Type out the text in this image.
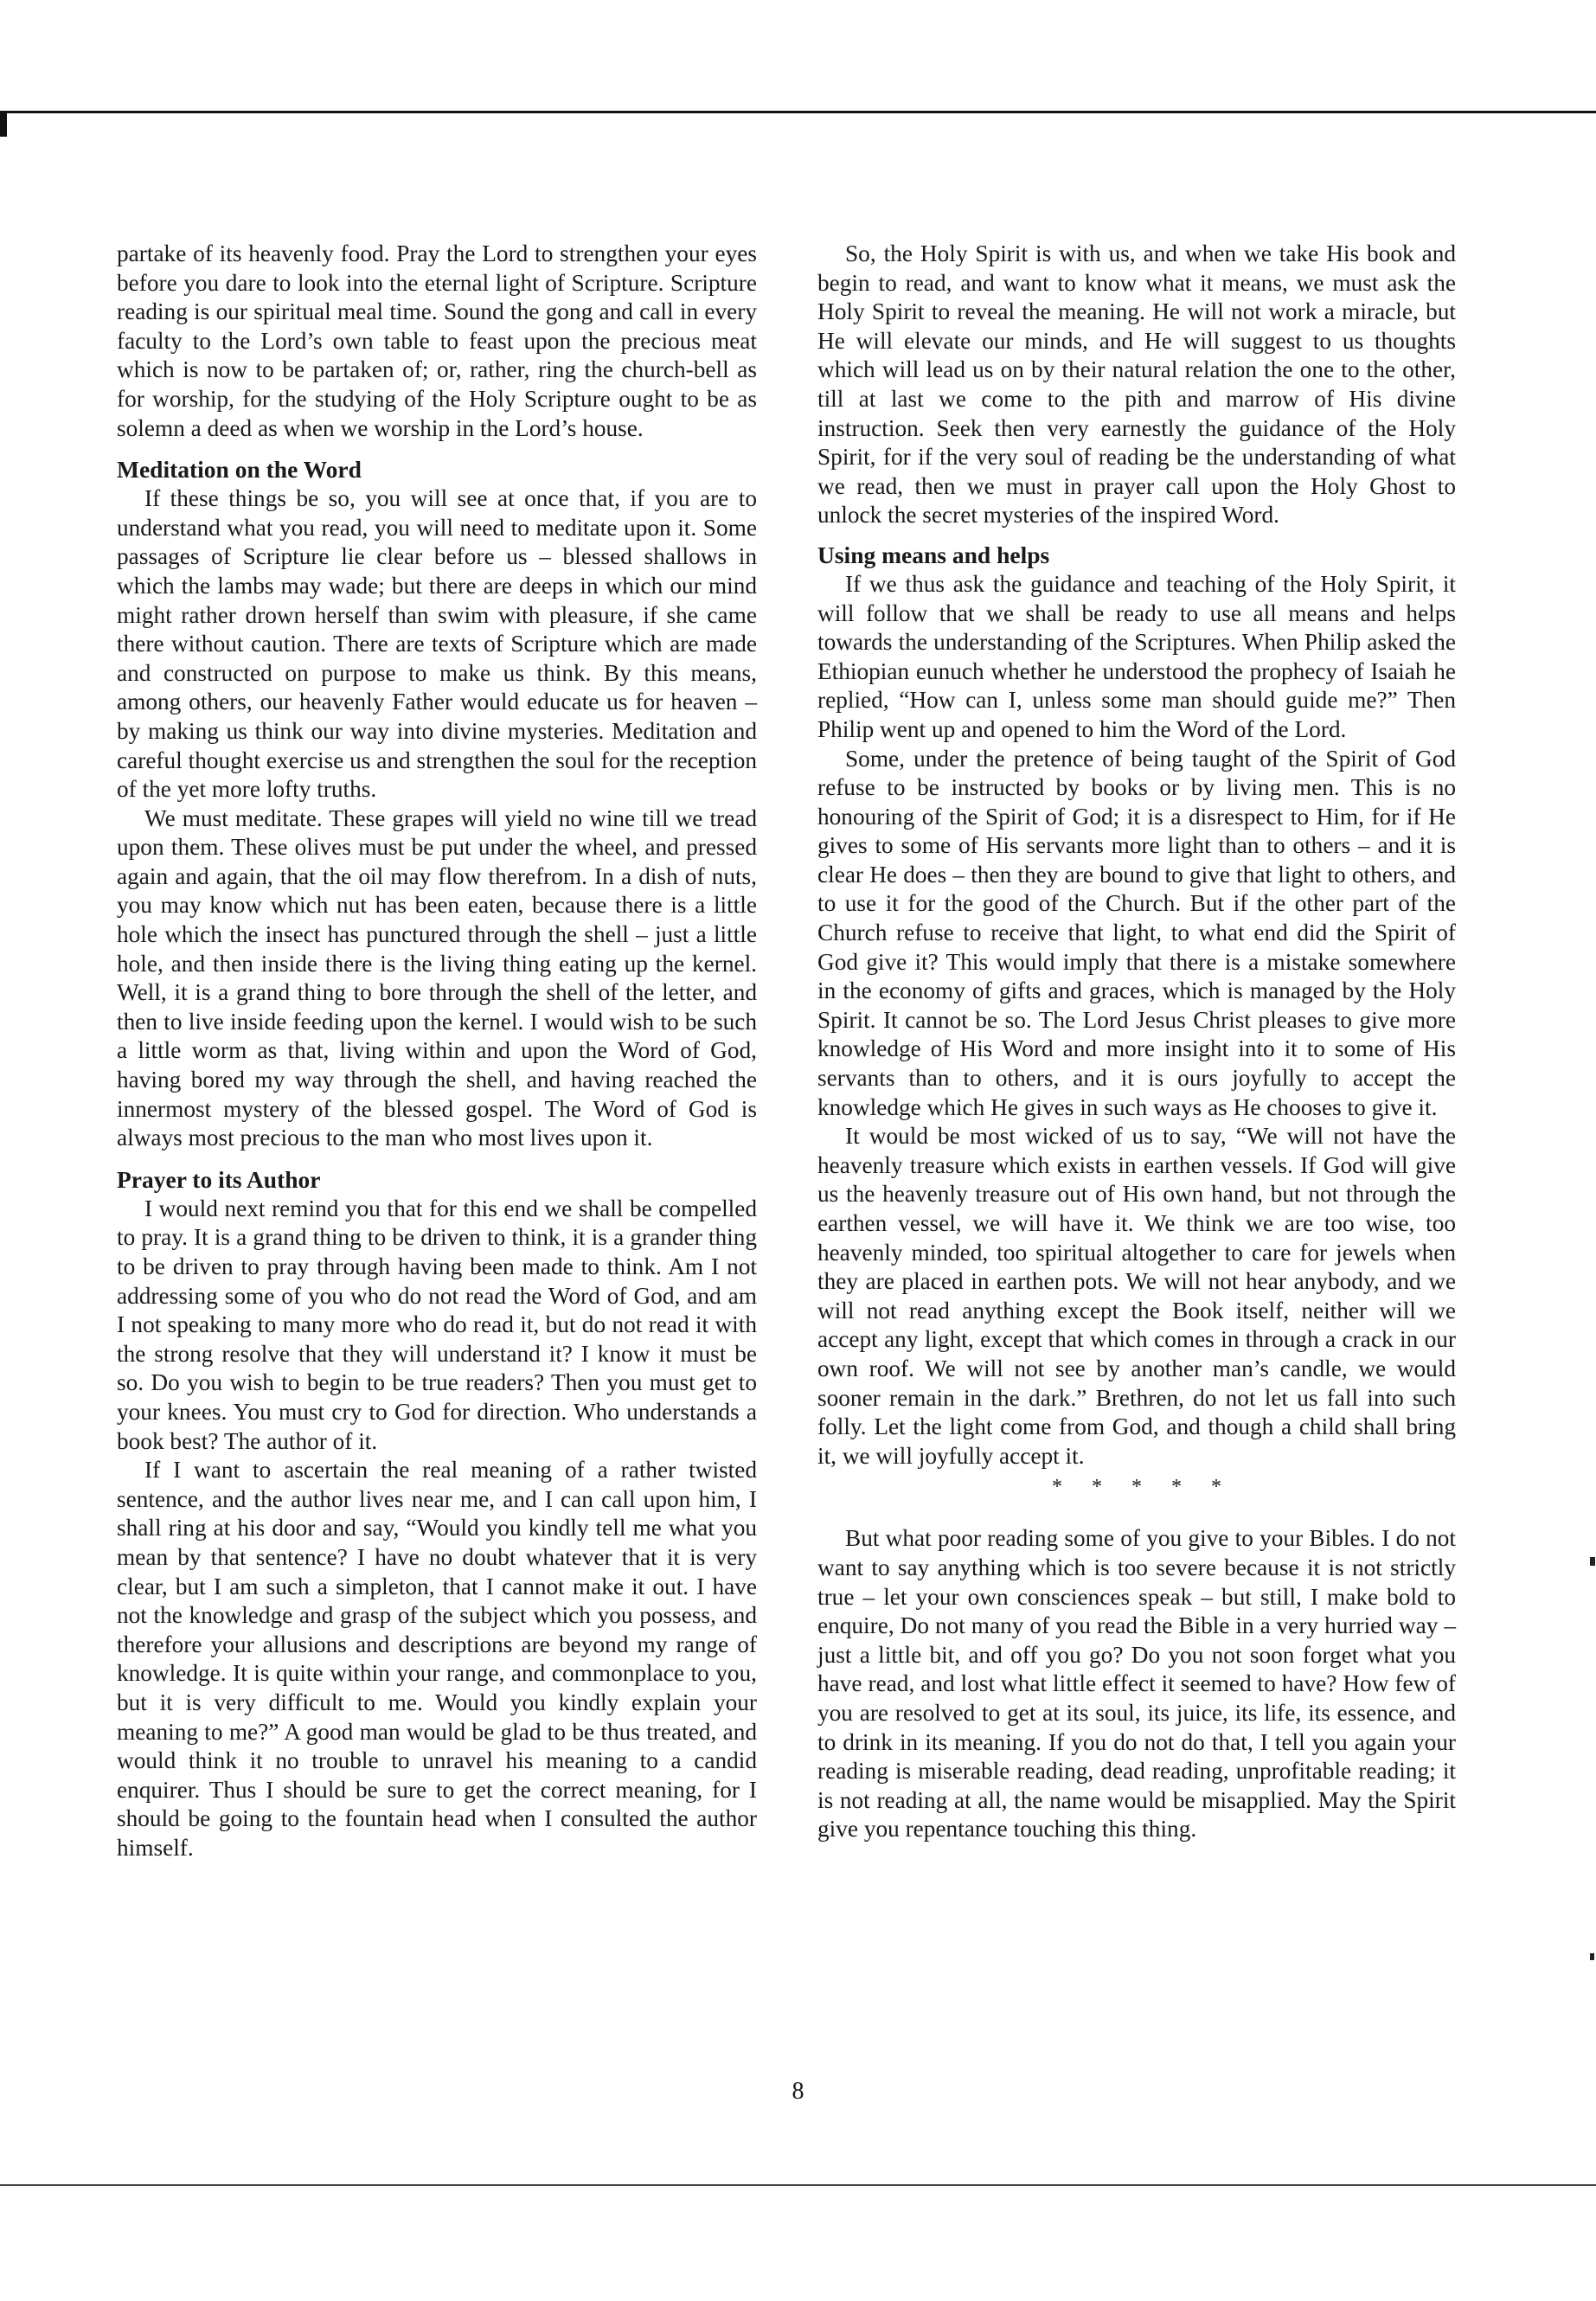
partake of its heavenly food. Pray the Lord to strengthen your eyes before you dare to look into the eternal light of Scripture. Scripture reading is our spiritual meal time. Sound the gong and call in every faculty to the Lord’s own table to feast upon the precious meat which is now to be partaken of; or, rather, ring the church-bell as for worship, for the studying of the Holy Scripture ought to be as solemn a deed as when we worship in the Lord’s house.

Meditation on the Word

If these things be so, you will see at once that, if you are to understand what you read, you will need to meditate upon it. Some passages of Scripture lie clear before us – blessed shallows in which the lambs may wade; but there are deeps in which our mind might rather drown herself than swim with pleasure, if she came there without caution. There are texts of Scripture which are made and constructed on purpose to make us think. By this means, among others, our heavenly Father would educate us for heaven – by making us think our way into divine mysteries. Meditation and careful thought exercise us and strengthen the soul for the reception of the yet more lofty truths.

We must meditate. These grapes will yield no wine till we tread upon them. These olives must be put under the wheel, and pressed again and again, that the oil may flow therefrom. In a dish of nuts, you may know which nut has been eaten, because there is a little hole which the insect has punctured through the shell – just a little hole, and then inside there is the living thing eating up the kernel. Well, it is a grand thing to bore through the shell of the letter, and then to live inside feeding upon the kernel. I would wish to be such a little worm as that, living within and upon the Word of God, having bored my way through the shell, and having reached the innermost mystery of the blessed gospel. The Word of God is always most precious to the man who most lives upon it.

Prayer to its Author

I would next remind you that for this end we shall be compelled to pray. It is a grand thing to be driven to think, it is a grander thing to be driven to pray through having been made to think. Am I not addressing some of you who do not read the Word of God, and am I not speaking to many more who do read it, but do not read it with the strong resolve that they will understand it? I know it must be so. Do you wish to begin to be true readers? Then you must get to your knees. You must cry to God for direction. Who understands a book best? The author of it.

If I want to ascertain the real meaning of a rather twisted sentence, and the author lives near me, and I can call upon him, I shall ring at his door and say, “Would you kindly tell me what you mean by that sentence? I have no doubt whatever that it is very clear, but I am such a simpleton, that I cannot make it out. I have not the knowledge and grasp of the subject which you possess, and therefore your allusions and descriptions are beyond my range of knowledge. It is quite within your range, and commonplace to you, but it is very difficult to me. Would you kindly explain your meaning to me?” A good man would be glad to be thus treated, and would think it no trouble to unravel his meaning to a candid enquirer. Thus I should be sure to get the correct meaning, for I should be going to the fountain head when I consulted the author himself.

So, the Holy Spirit is with us, and when we take His book and begin to read, and want to know what it means, we must ask the Holy Spirit to reveal the meaning. He will not work a miracle, but He will elevate our minds, and He will suggest to us thoughts which will lead us on by their natural relation the one to the other, till at last we come to the pith and marrow of His divine instruction. Seek then very earnestly the guidance of the Holy Spirit, for if the very soul of reading be the understanding of what we read, then we must in prayer call upon the Holy Ghost to unlock the secret mysteries of the inspired Word.

Using means and helps

If we thus ask the guidance and teaching of the Holy Spirit, it will follow that we shall be ready to use all means and helps towards the understanding of the Scriptures. When Philip asked the Ethiopian eunuch whether he understood the prophecy of Isaiah he replied, “How can I, unless some man should guide me?” Then Philip went up and opened to him the Word of the Lord.

Some, under the pretence of being taught of the Spirit of God refuse to be instructed by books or by living men. This is no honouring of the Spirit of God; it is a disrespect to Him, for if He gives to some of His servants more light than to others – and it is clear He does – then they are bound to give that light to others, and to use it for the good of the Church. But if the other part of the Church refuse to receive that light, to what end did the Spirit of God give it? This would imply that there is a mistake somewhere in the economy of gifts and graces, which is managed by the Holy Spirit. It cannot be so. The Lord Jesus Christ pleases to give more knowledge of His Word and more insight into it to some of His servants than to others, and it is ours joyfully to accept the knowledge which He gives in such ways as He chooses to give it.

It would be most wicked of us to say, “We will not have the heavenly treasure which exists in earthen vessels. If God will give us the heavenly treasure out of His own hand, but not through the earthen vessel, we will have it. We think we are too wise, too heavenly minded, too spiritual altogether to care for jewels when they are placed in earthen pots. We will not hear anybody, and we will not read anything except the Book itself, neither will we accept any light, except that which comes in through a crack in our own roof. We will not see by another man’s candle, we would sooner remain in the dark.” Brethren, do not let us fall into such folly. Let the light come from God, and though a child shall bring it, we will joyfully accept it.

* * * * *

But what poor reading some of you give to your Bibles. I do not want to say anything which is too severe because it is not strictly true – let your own consciences speak – but still, I make bold to enquire, Do not many of you read the Bible in a very hurried way – just a little bit, and off you go? Do you not soon forget what you have read, and lost what little effect it seemed to have? How few of you are resolved to get at its soul, its juice, its life, its essence, and to drink in its meaning. If you do not do that, I tell you again your reading is miserable reading, dead reading, unprofitable reading; it is not reading at all, the name would be misapplied. May the Spirit give you repentance touching this thing.

8
